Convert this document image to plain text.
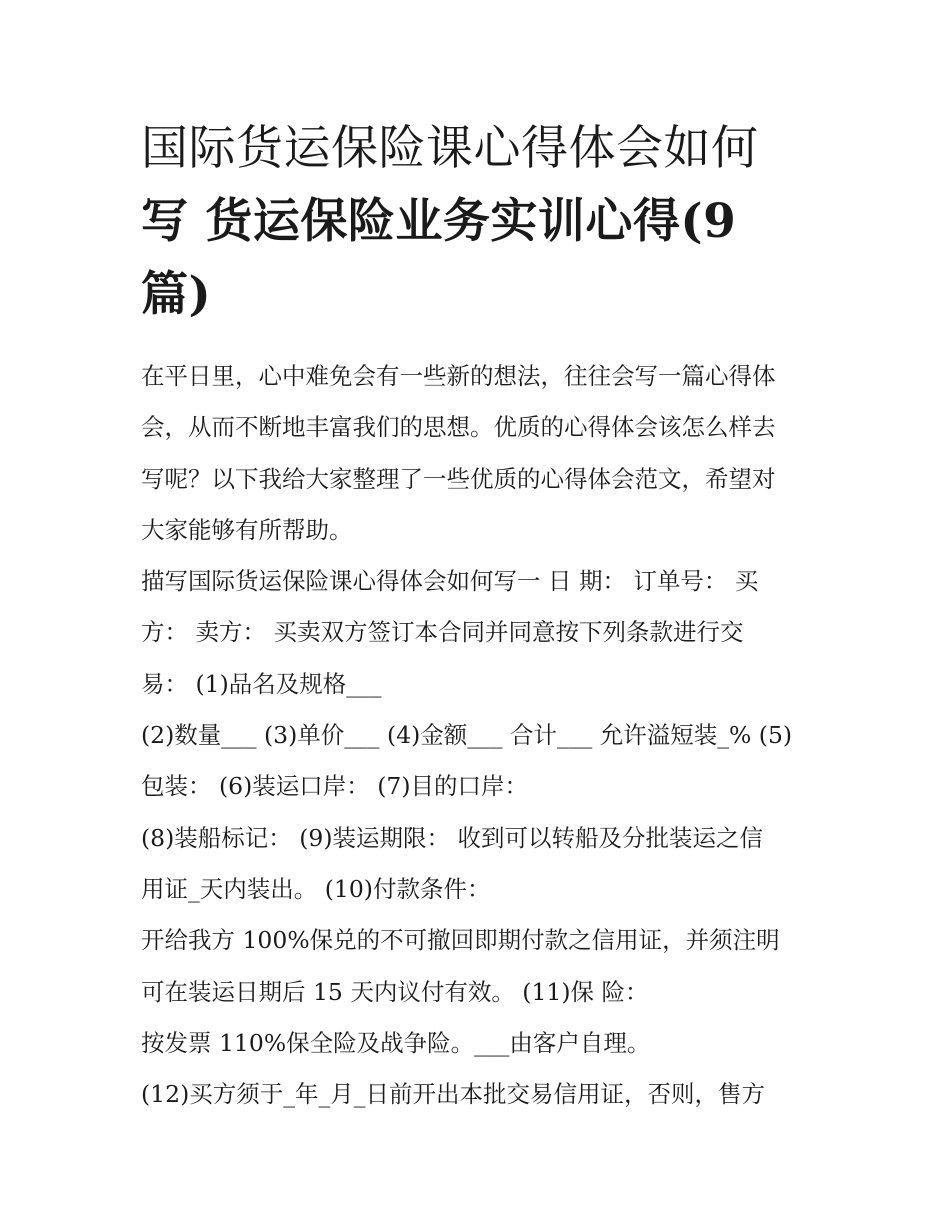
国际货运保险课心得体会如何
写 货运保险业务实训心得(9
篇)

在平日里，心中难免会有一些新的想法，往往会写一篇心得体
会，从而不断地丰富我们的思想。优质的心得体会该怎么样去
写呢？以下我给大家整理了一些优质的心得体会范文，希望对
大家能够有所帮助。

描写国际货运保险课心得体会如何写一 日 期： 订单号： 买
方： 卖方： 买卖双方签订本合同并同意按下列条款进行交
易： (1)品名及规格___

(2)数量___ (3)单价___ (4)金额___ 合计___ 允许溢短装_% (5)
包装： (6)装运口岸： (7)目的口岸：

(8)装船标记： (9)装运期限： 收到可以转船及分批装运之信
用证_天内装出。 (10)付款条件：

开给我方 100%保兑的不可撤回即期付款之信用证，并须注明
可在装运日期后 15 天内议付有效。 (11)保 险：

按发票 110%保全险及战争险。___由客户自理。

(12)买方须于_年_月_日前开出本批交易信用证，否则，售方
